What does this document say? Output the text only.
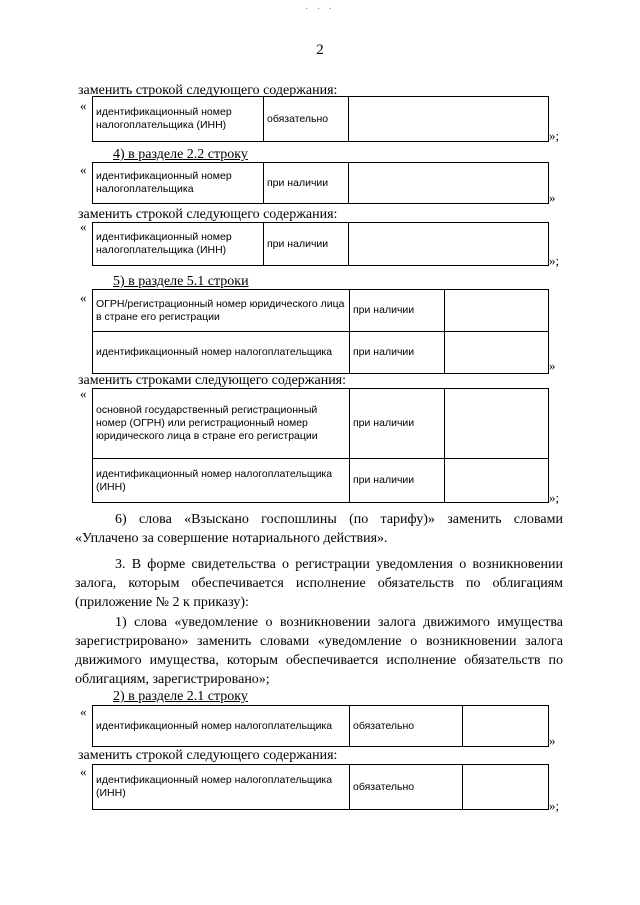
· · ·
2
заменить строкой следующего содержания:
« идентификационный номер налогоплательщика (ИНН)	обязательно	
»;
4) в разделе 2.2 строку
« идентификационный номер налогоплательщика	при наличии	
»
заменить строкой следующего содержания:
«
идентификационный номер налогоплательщика (ИНН)	при наличии	
»;
5) в разделе 5.1 строки
« ОГРН/регистрационный номер юридического лица в стране его регистрации	при наличии	
идентификационный номер налогоплательщика	при наличии	
»
заменить строками следующего содержания:
«
основной государственный регистрационный номер (ОГРН) или регистрационный номер юридического лица в стране его регистрации	при наличии	
идентификационный номер налогоплательщика (ИНН)	при наличии	
»;

6) слова «Взыскано госпошлины (по тарифу)» заменить словами «Уплачено за совершение нотариального действия».

3. В форме свидетельства о регистрации уведомления о возникновении залога, которым обеспечивается исполнение обязательств по облигациям (приложение № 2 к приказу):

1) слова «уведомление о возникновении залога движимого имущества зарегистрировано» заменить словами «уведомление о возникновении залога движимого имущества, которым обеспечивается исполнение обязательств по облигациям, зарегистрировано»;

2) в разделе 2.1 строку
«
идентификационный номер налогоплательщика	обязательно	
»
заменить строкой следующего содержания:
«
идентификационный номер налогоплательщика (ИНН)	обязательно	
»;
